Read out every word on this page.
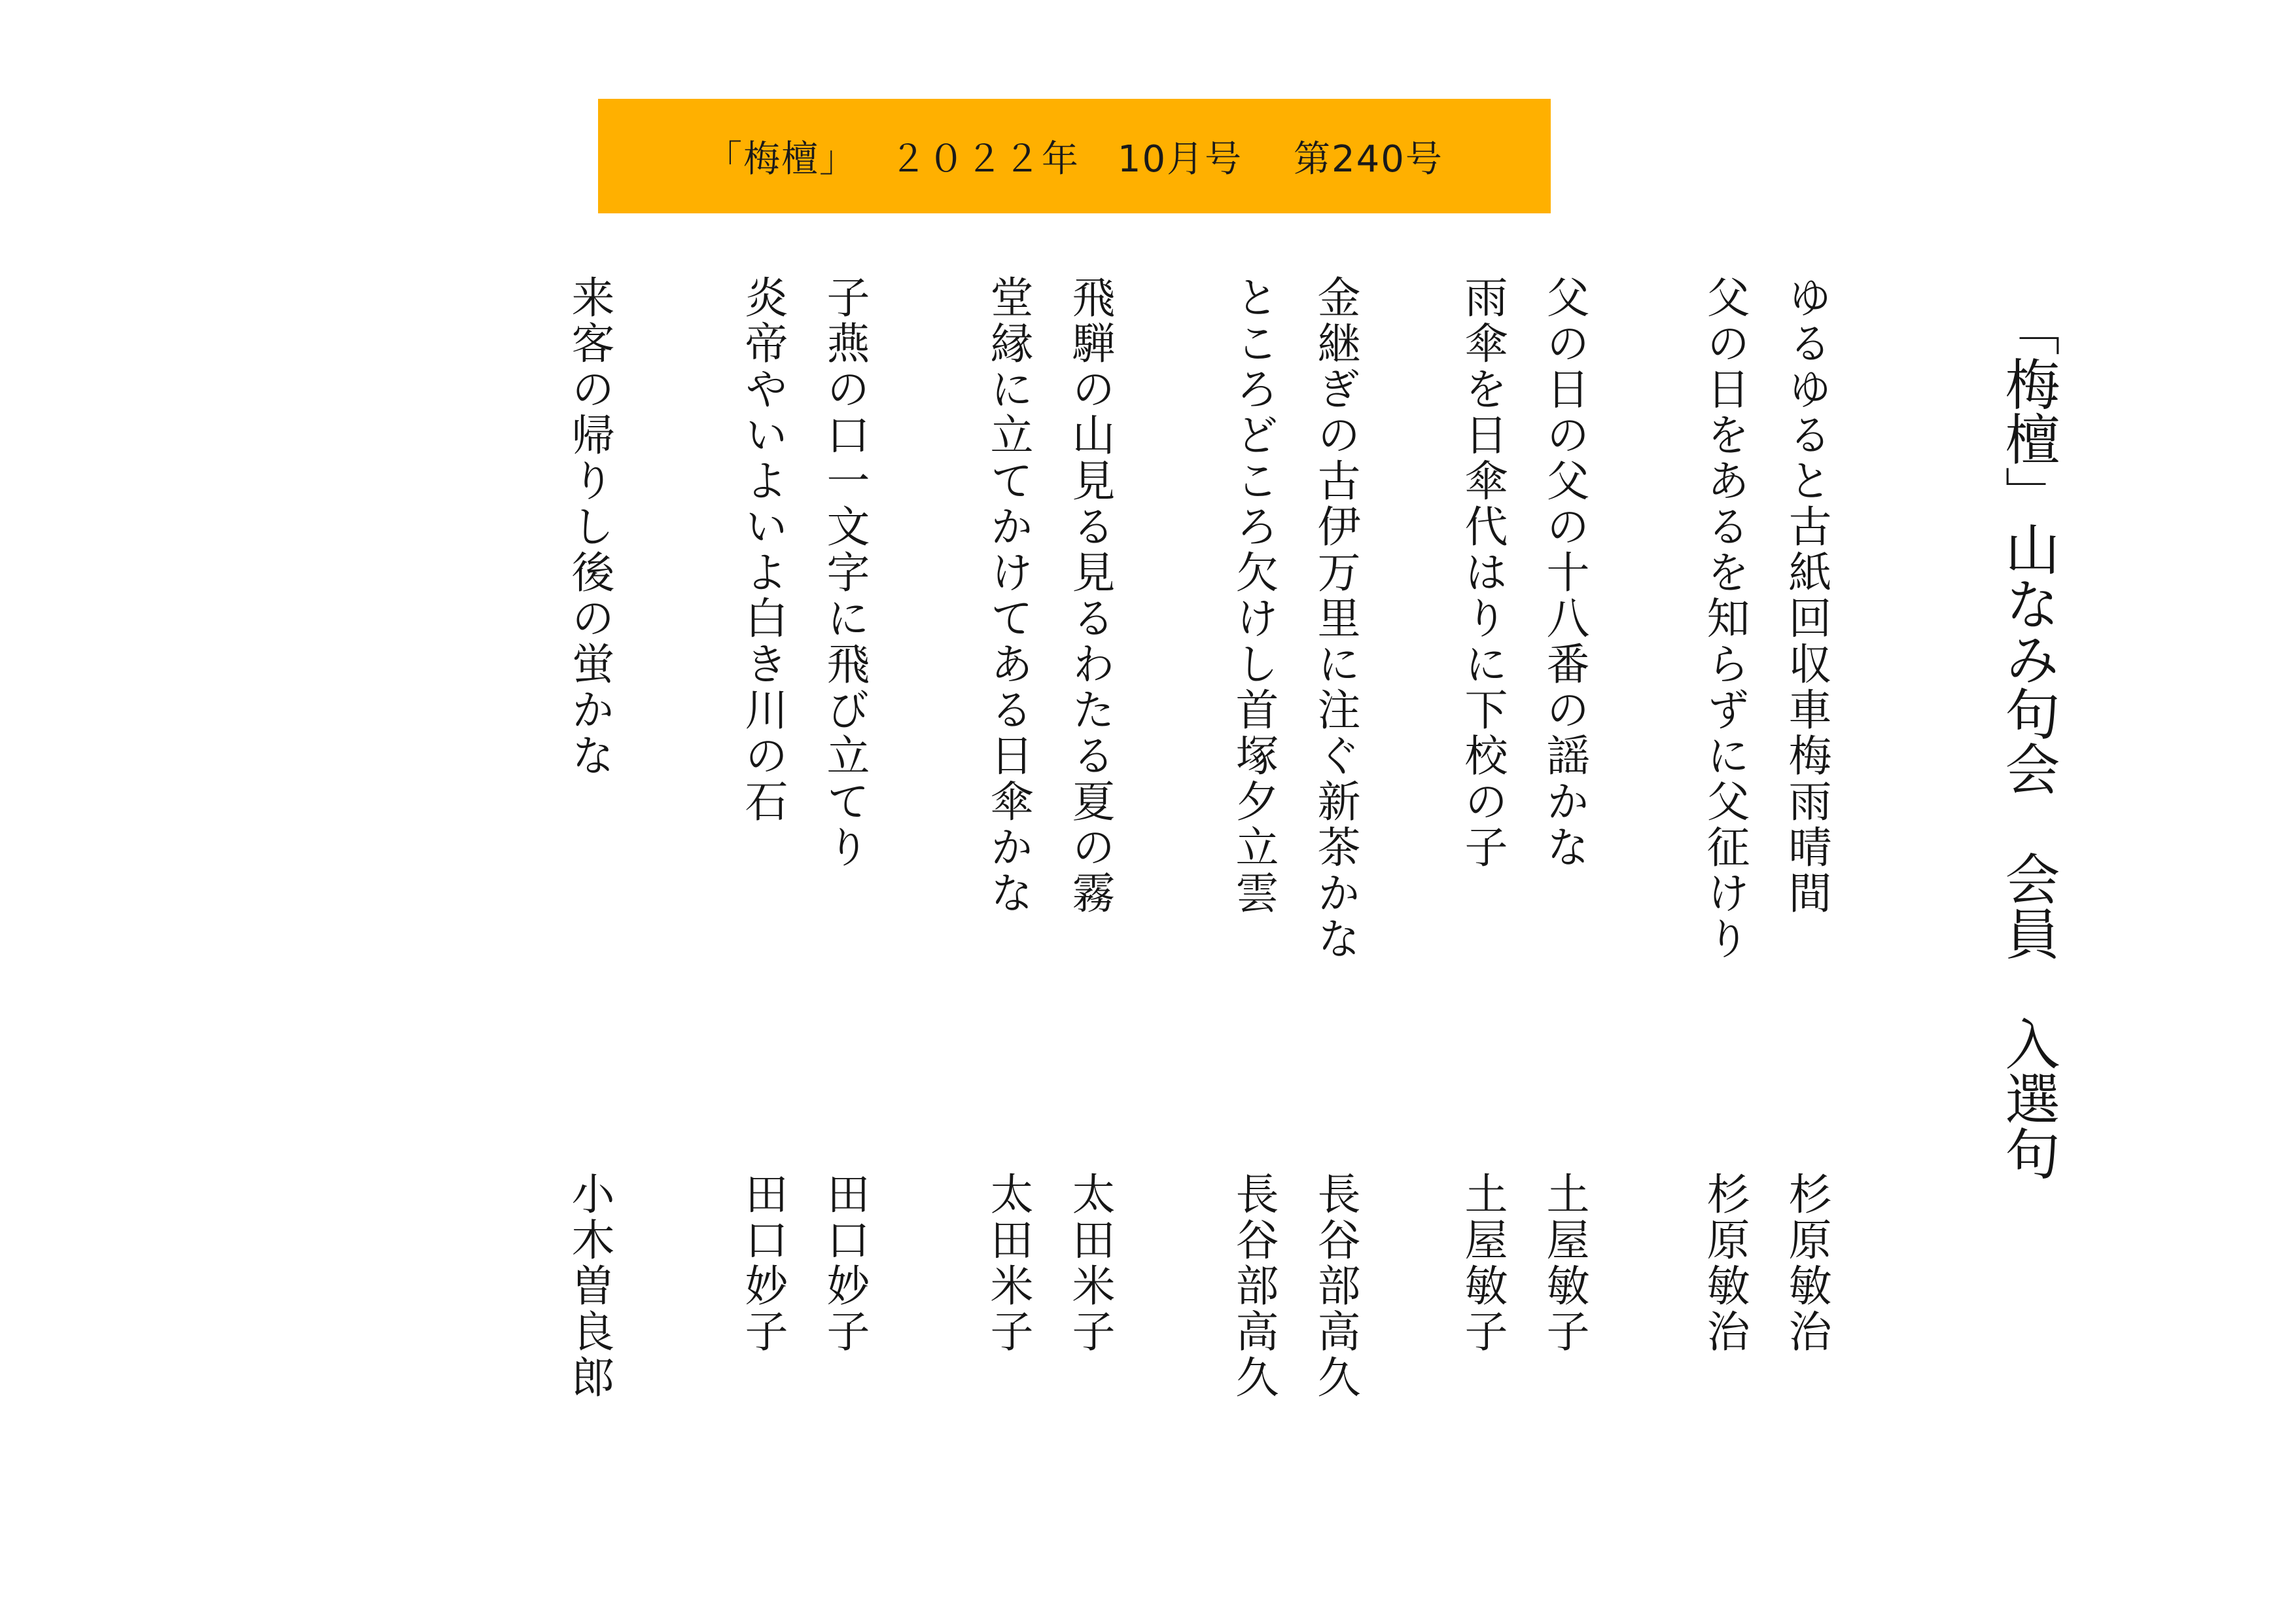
「梅檀」　 ２０２２年　10月号　 第240号
「梅檀」山なみ句会　会員　入選句
ゆるゆると古紙回収車梅雨晴間
杉原敏治
父の日をあるを知らずに父征けり
杉原敏治
父の日の父の十八番の謡かな
土屋敏子
雨傘を日傘代はりに下校の子
土屋敏子
金継ぎの古伊万里に注ぐ新茶かな
長谷部高久
ところどころ欠けし首塚夕立雲
長谷部高久
飛騨の山見る見るわたる夏の霧
太田米子
堂縁に立てかけてある日傘かな
太田米子
子燕の口一文字に飛び立てり
田口妙子
炎帝やいよいよ白き川の石
田口妙子
来客の帰りし後の蛍かな
小木曽良郎
